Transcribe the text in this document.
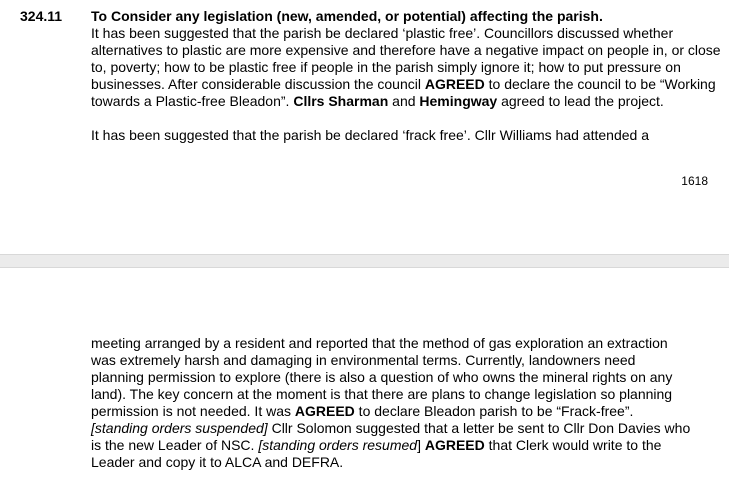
324.11 To Consider any legislation (new, amended, or potential) affecting the parish.

It has been suggested that the parish be declared ‘plastic free’. Councillors discussed whether alternatives to plastic are more expensive and therefore have a negative impact on people in, or close to, poverty; how to be plastic free if people in the parish simply ignore it; how to put pressure on businesses. After considerable discussion the council AGREED to declare the council to be “Working towards a Plastic-free Bleadon”. Cllrs Sharman and Hemingway agreed to lead the project.

It has been suggested that the parish be declared ‘frack free’. Cllr Williams had attended a

1618
meeting arranged by a resident and reported that the method of gas exploration an extraction was extremely harsh and damaging in environmental terms. Currently, landowners need planning permission to explore (there is also a question of who owns the mineral rights on any land). The key concern at the moment is that there are plans to change legislation so planning permission is not needed. It was AGREED to declare Bleadon parish to be “Frack-free”.
[standing orders suspended] Cllr Solomon suggested that a letter be sent to Cllr Don Davies who is the new Leader of NSC. [standing orders resumed] AGREED that Clerk would write to the Leader and copy it to ALCA and DEFRA.
